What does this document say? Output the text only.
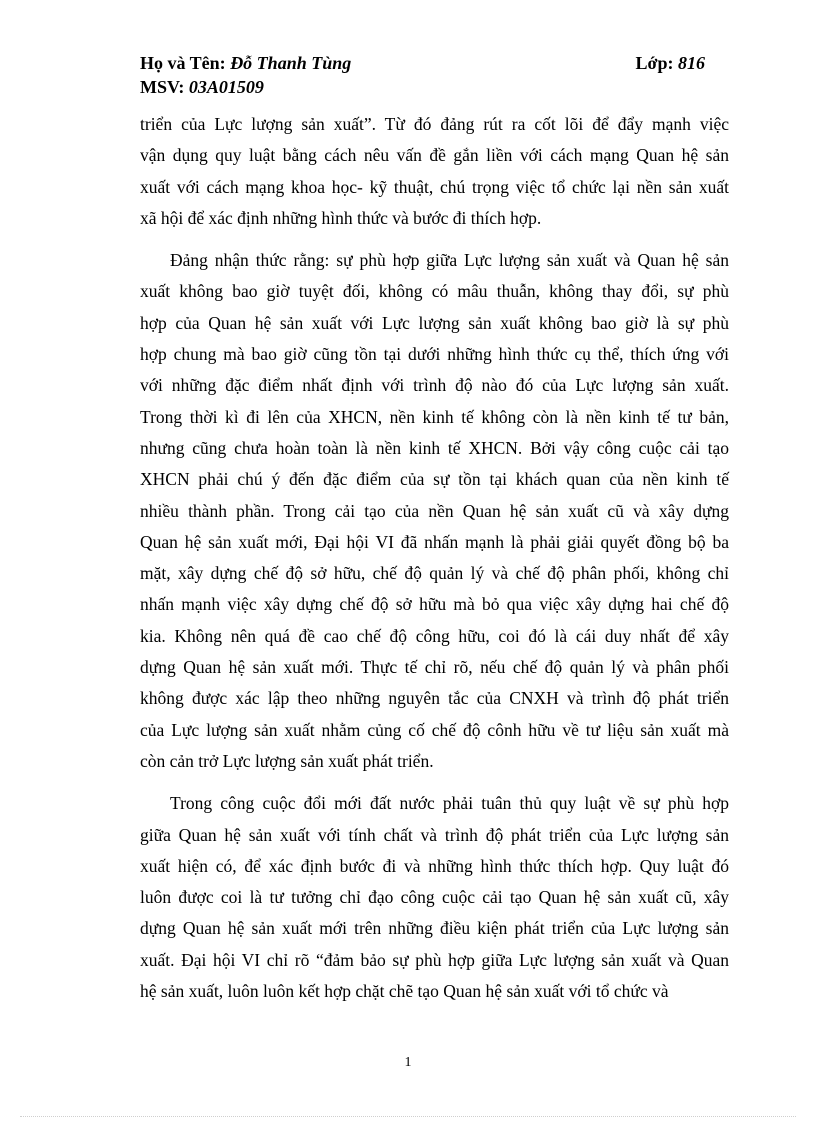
Họ và Tên: Đỗ Thanh Tùng	Lớp: 816
MSV: 03A01509
triển của Lực lượng sản xuất”. Từ đó đảng rút ra cốt lõi để đẩy mạnh việc
vận dụng quy luật bằng cách nêu vấn đề gắn liền với cách mạng Quan hệ sản
xuất với cách mạng khoa học- kỹ thuật, chú trọng việc tổ chức lại nền sản xuất
xã hội để xác định những hình thức và bước đi thích hợp.
Đảng nhận thức rằng: sự phù hợp giữa Lực lượng sản xuất và Quan hệ sản
xuất không bao giờ tuyệt đối, không có mâu thuẫn, không thay đổi, sự phù
hợp của Quan hệ sản xuất với Lực lượng sản xuất không bao giờ là sự phù
hợp chung mà bao giờ cũng tồn tại dưới những hình thức cụ thể, thích ứng với
với những đặc điểm nhất định với trình độ nào đó của Lực lượng sản xuất.
Trong thời kì đi lên của XHCN, nền kinh tế không còn là nền kinh tế tư bản,
nhưng cũng chưa hoàn toàn là nền kinh tế XHCN. Bởi vậy công cuộc cải tạo
XHCN phải chú ý đến đặc điểm của sự tồn tại khách quan của nền kinh tế
nhiều thành phần. Trong cải tạo của nền Quan hệ sản xuất cũ và xây dựng
Quan hệ sản xuất mới, Đại hội VI đã nhấn mạnh là phải giải quyết đồng bộ ba
mặt, xây dựng chế độ sở hữu, chế độ quản lý và chế độ phân phối, không chỉ
nhấn mạnh việc xây dựng chế độ sở hữu mà bỏ qua việc xây dựng hai chế độ
kia. Không nên quá đề cao chế độ công hữu, coi đó là cái duy nhất để xây
dựng Quan hệ sản xuất mới. Thực tế chỉ rõ, nếu chế độ quản lý và phân phối
không được xác lập theo những nguyên tắc của CNXH và trình độ phát triển
của Lực lượng sản xuất nhằm củng cố chế độ cônh hữu về tư liệu sản xuất mà
còn cản trở Lực lượng sản xuất phát triển.
Trong công cuộc đổi mới đất nước phải tuân thủ quy luật về sự phù hợp
giữa Quan hệ sản xuất với tính chất và trình độ phát triển của Lực lượng sản
xuất hiện có, để xác định bước đi và những hình thức thích hợp. Quy luật đó
luôn được coi là tư tưởng chỉ đạo công cuộc cải tạo Quan hệ sản xuất cũ, xây
dựng Quan hệ sản xuất mới trên những điều kiện phát triển của Lực lượng sản
xuất. Đại hội VI chỉ rõ “đảm bảo sự phù hợp giữa Lực lượng sản xuất và Quan
hệ sản xuất, luôn luôn kết hợp chặt chẽ tạo Quan hệ sản xuất với tổ chức và
1
